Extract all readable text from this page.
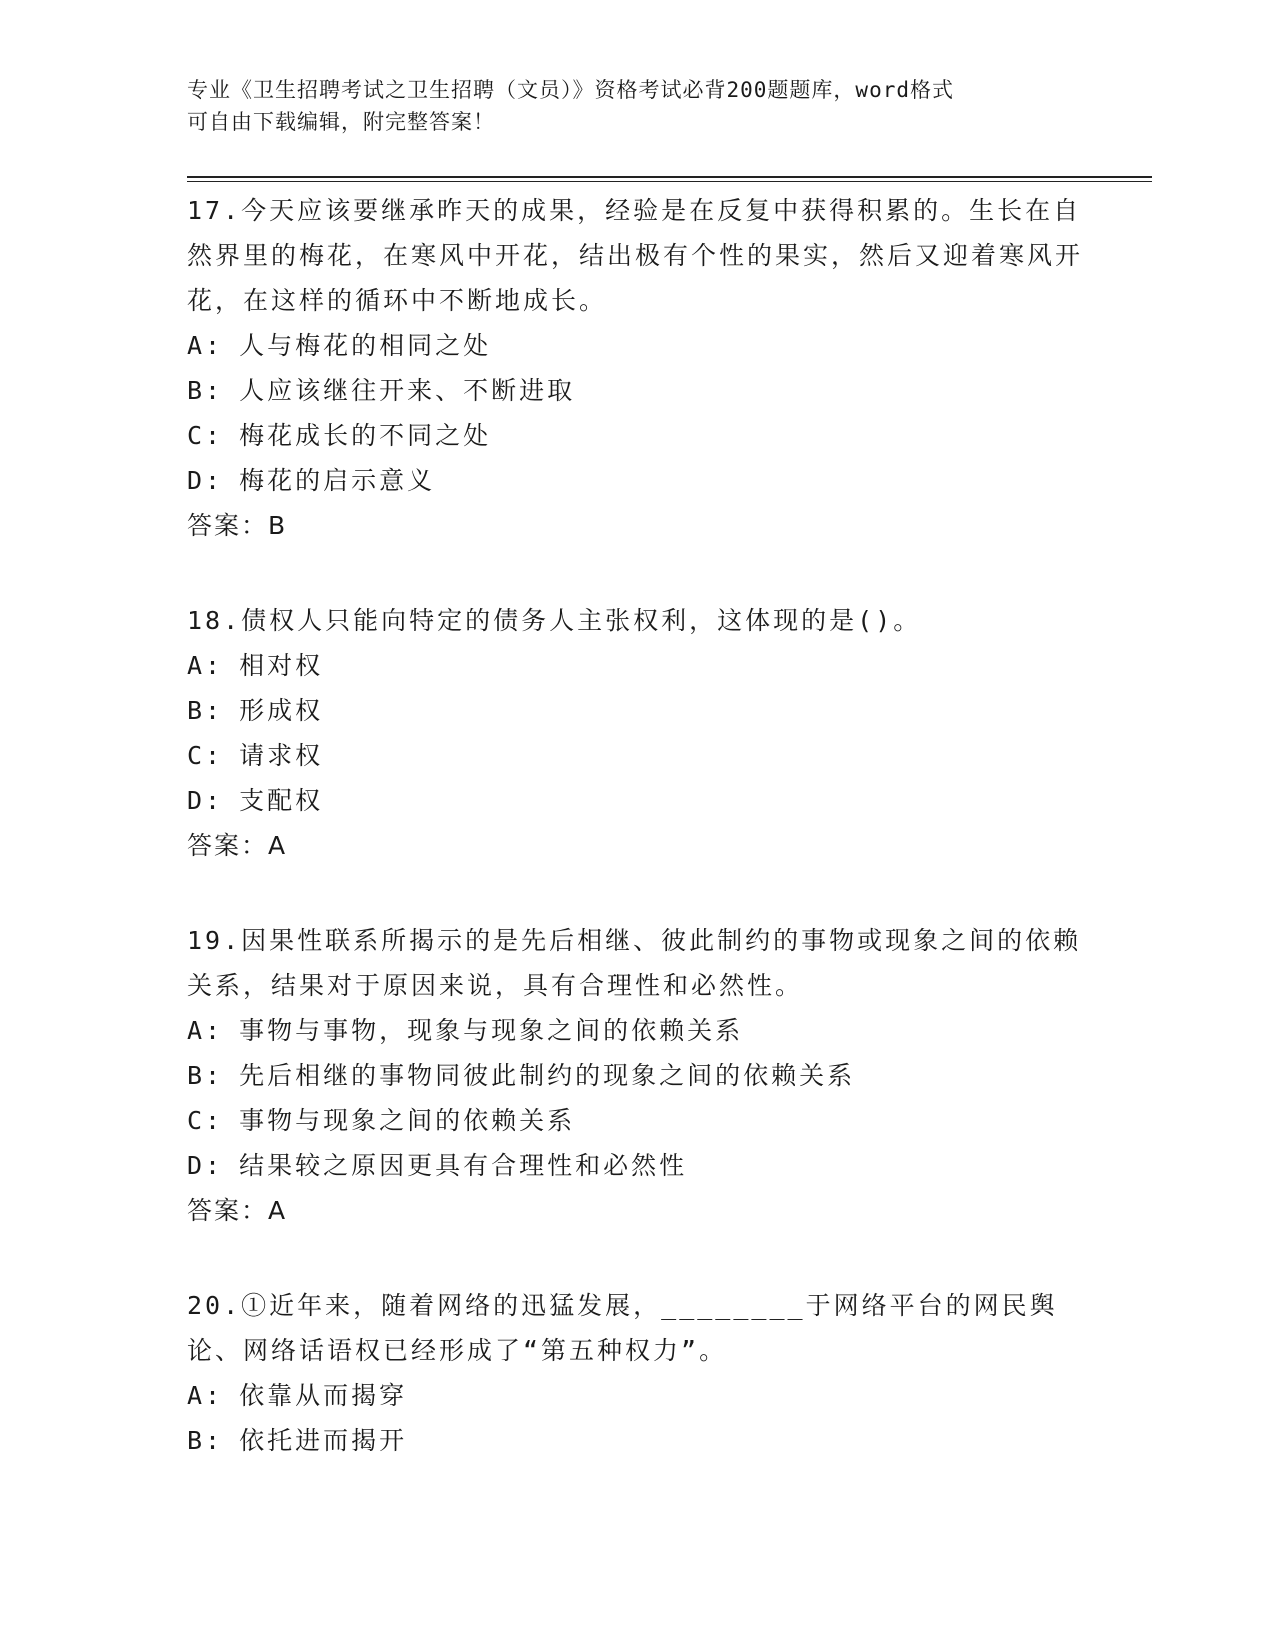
专业《卫生招聘考试之卫生招聘（文员）》资格考试必背200题题库，word格式
可自由下载编辑，附完整答案！

17.今天应该要继承昨天的成果，经验是在反复中获得积累的。生长在自然界里的梅花，在寒风中开花，结出极有个性的果实，然后又迎着寒风开花，在这样的循环中不断地成长。

A: 人与梅花的相同之处

B: 人应该继往开来、不断进取

C: 梅花成长的不同之处

D: 梅花的启示意义

答案：B

18.债权人只能向特定的债务人主张权利，这体现的是()。

A: 相对权

B: 形成权

C: 请求权

D: 支配权

答案：A

19.因果性联系所揭示的是先后相继、彼此制约的事物或现象之间的依赖关系，结果对于原因来说，具有合理性和必然性。

A: 事物与事物，现象与现象之间的依赖关系

B: 先后相继的事物同彼此制约的现象之间的依赖关系

C: 事物与现象之间的依赖关系

D: 结果较之原因更具有合理性和必然性

答案：A

20.①近年来，随着网络的迅猛发展，________于网络平台的网民舆论、网络话语权已经形成了“第五种权力”。

A: 依靠从而揭穿

B: 依托进而揭开
